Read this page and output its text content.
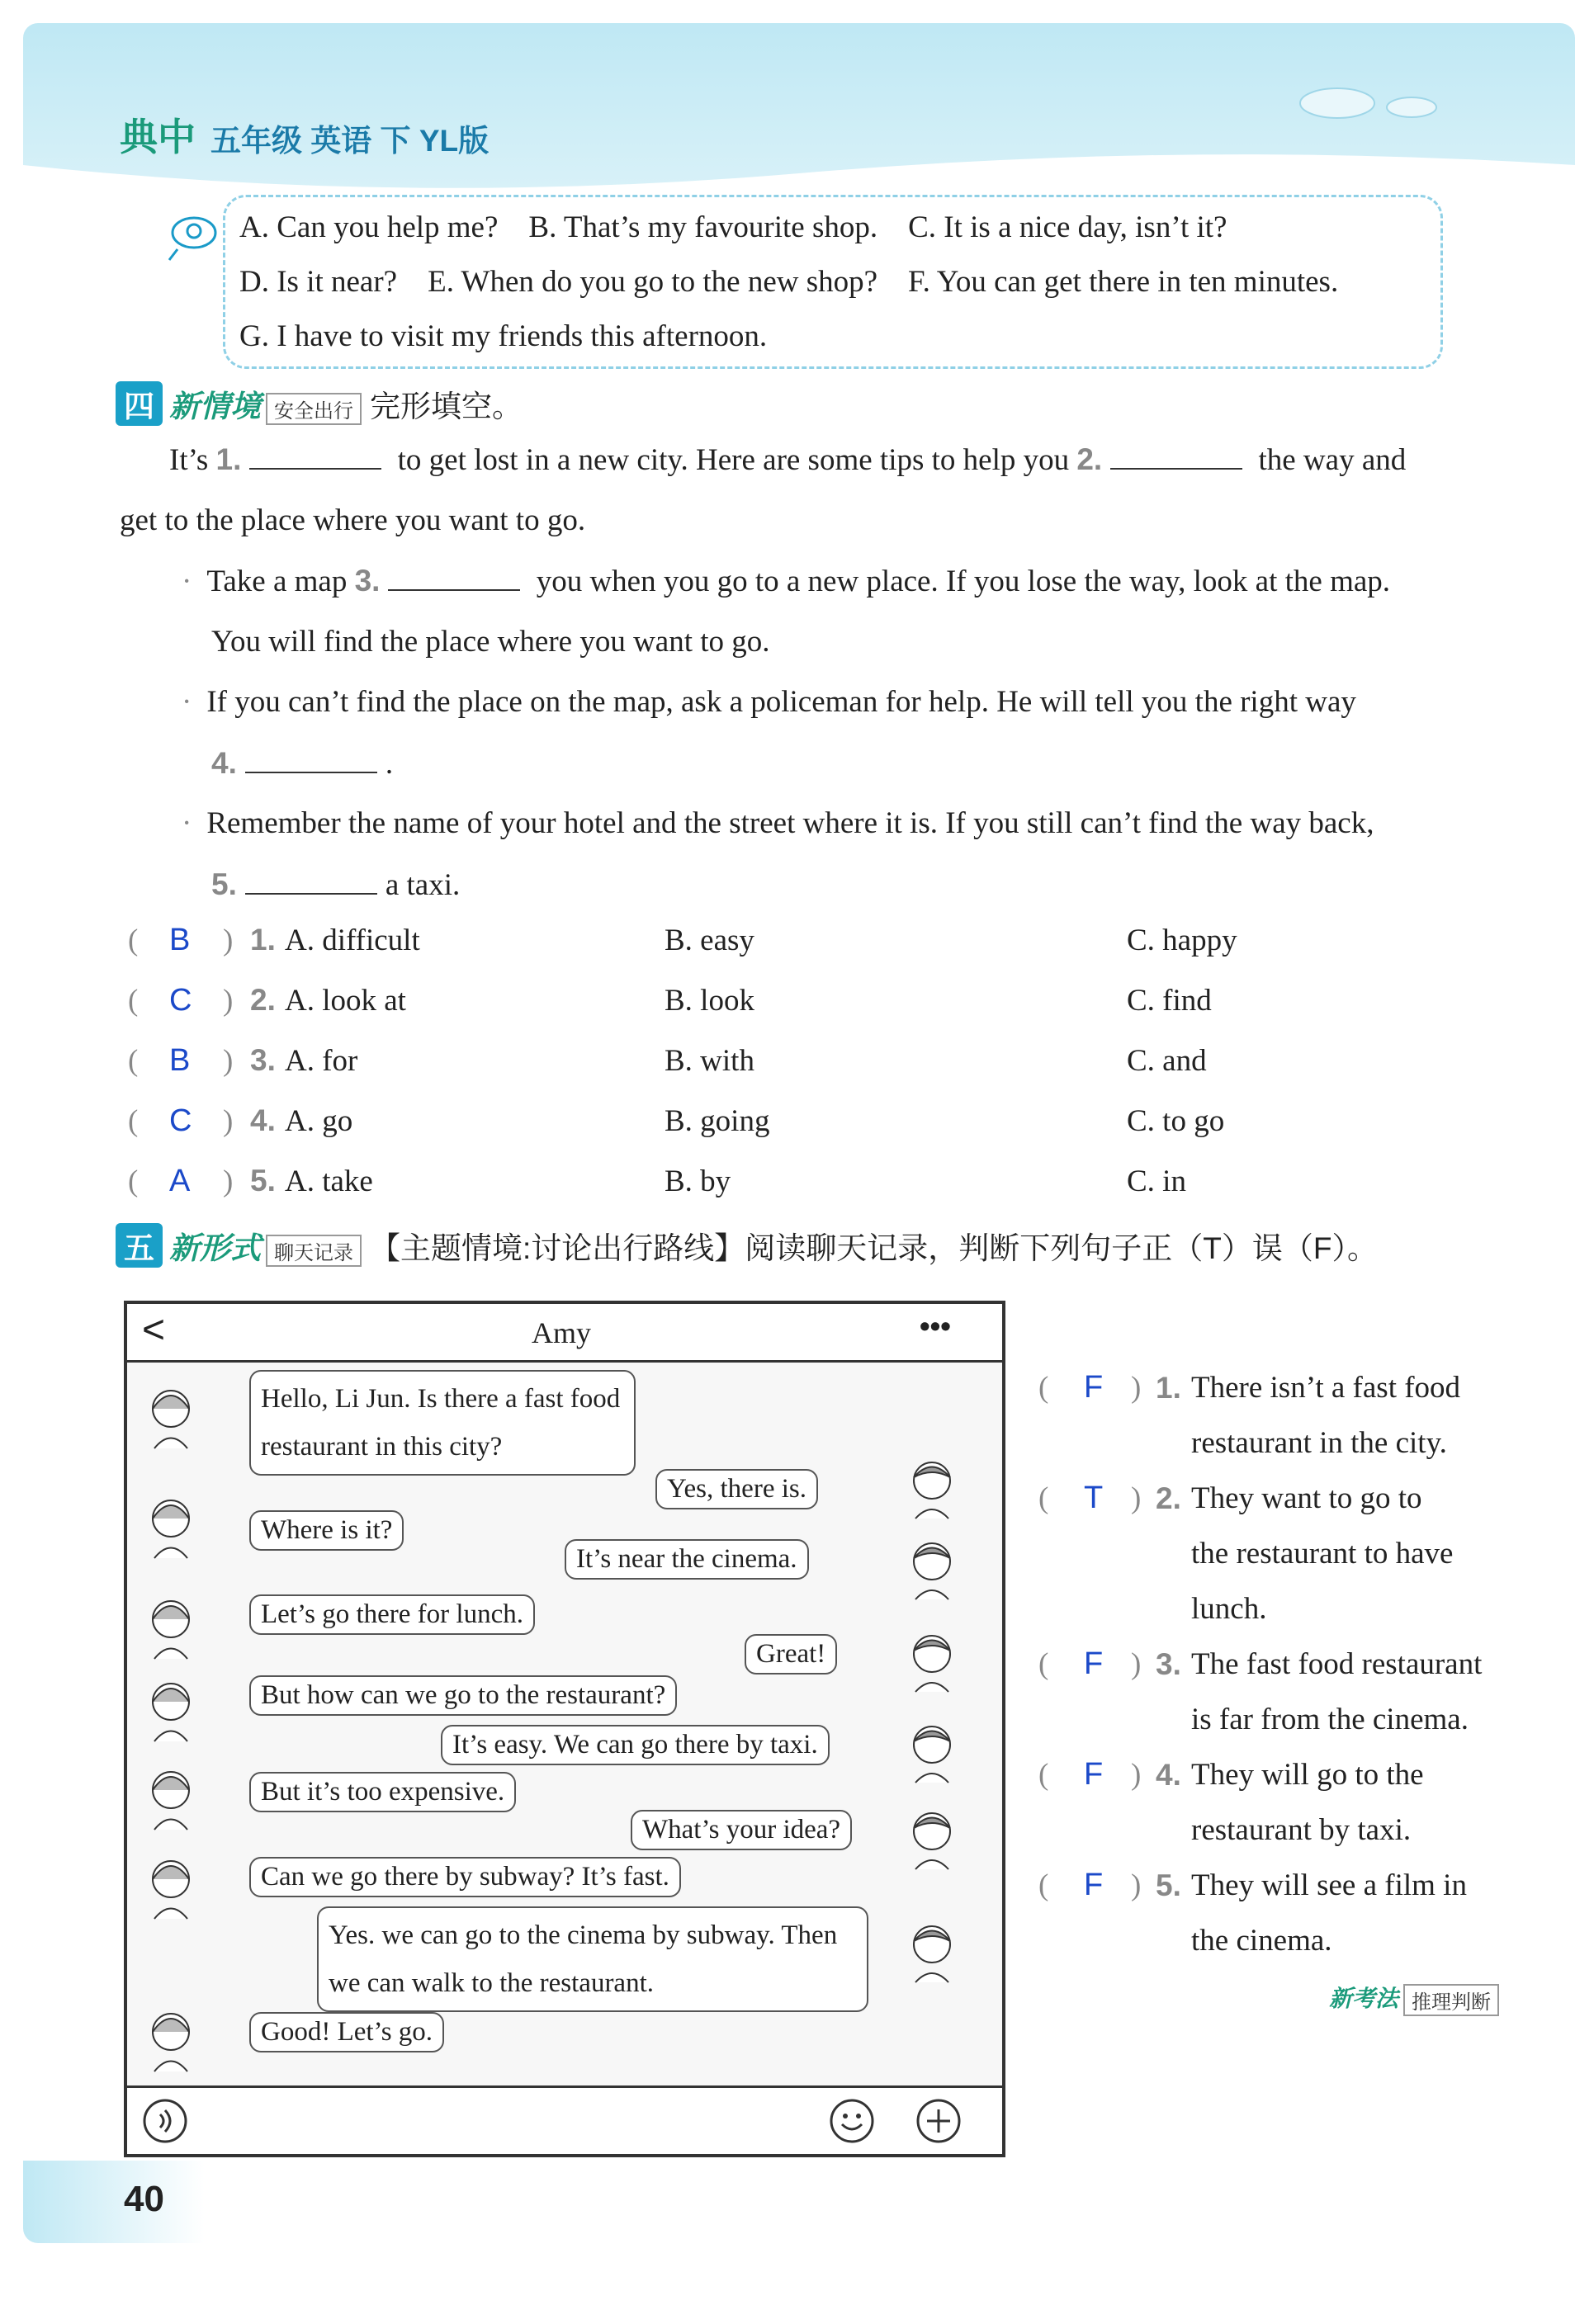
典中 五年级 英语 下 YL版
A. Can you help me?    B. That’s my favourite shop.    C. It is a nice day, isn’t it?
D. Is it near?    E. When do you go to the new shop?    F. You can get there in ten minutes.
G. I have to visit my friends this afternoon.
四 新情境 安全出行 完形填空。
It’s 1.	to get lost in a new city. Here are some tips to help you 2.	the way and
get to the place where you want to go.
· Take a map 3.	you when you go to a new place. If you lose the way, look at the map.
You will find the place where you want to go.
· If you can’t find the place on the map, ask a policeman for help. He will tell you the right way
4.	.
· Remember the name of your hotel and the street where it is. If you still can’t find the way back,
5.	a taxi.
( B ) 1. A. difficult	B. easy	C. happy
( C ) 2. A. look at	B. look	C. find
( B ) 3. A. for	B. with	C. and
( C ) 4. A. go	B. going	C. to go
( A ) 5. A. take	B. by	C. in
五 新形式 聊天记录 【主题情境:讨论出行路线】阅读聊天记录，判断下列句子正（T）误（F）。
<	Amy	•••
Hello, Li Jun. Is there a fast food restaurant in this city?
Yes, there is.
Where is it?
It’s near the cinema.
Let’s go there for lunch.
Great!
But how can we go to the restaurant?
It’s easy. We can go there by taxi.
But it’s too expensive.
What’s your idea?
Can we go there by subway? It’s fast.
Yes. we can go to the cinema by subway. Then we can walk to the restaurant.
Good! Let’s go.
( F ) 1. There isn’t a fast food
restaurant in the city.
( T ) 2. They want to go to
the restaurant to have
lunch.
( F ) 3. The fast food restaurant
is far from the cinema.
( F ) 4. They will go to the
restaurant by taxi.
( F ) 5. They will see a film in
the cinema.
新考法 推理判断
40
